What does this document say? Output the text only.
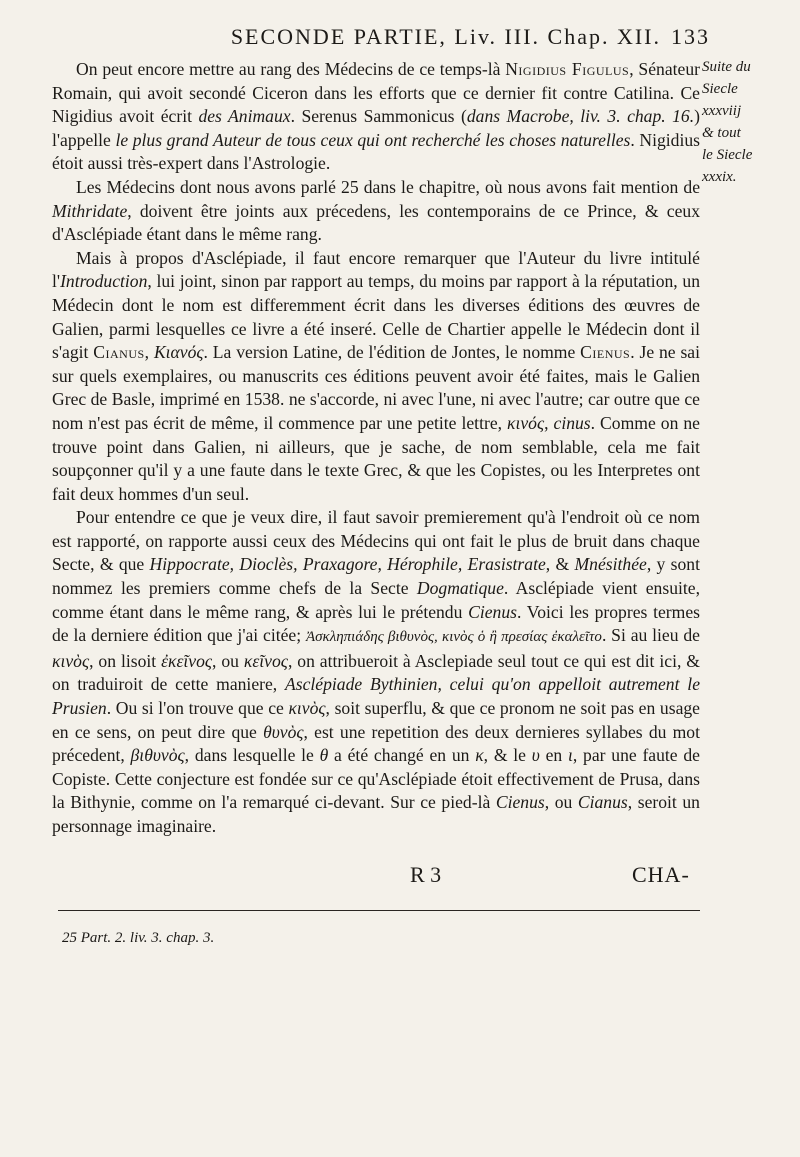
SECONDE PARTIE, Liv. III. Chap. XII. 133
Suite du
Siecle
xxxviij
& tout
le Siecle
xxxix.

On peut encore mettre au rang des Médecins de ce temps-là Nigidius Figulus, Sénateur Romain, qui avoit secondé Ciceron dans les efforts que ce dernier fit contre Catilina. Ce Nigidius avoit écrit des Animaux. Serenus Sammonicus (dans Macrobe, liv. 3. chap. 16.) l'appelle le plus grand Auteur de tous ceux qui ont recherché les choses naturelles. Nigidius étoit aussi très-expert dans l'Astrologie.

Les Médecins dont nous avons parlé 25 dans le chapitre, où nous avons fait mention de Mithridate, doivent être joints aux précedens, les contemporains de ce Prince, & ceux d'Asclépiade étant dans le même rang.

Mais à propos d'Asclépiade, il faut encore remarquer que l'Auteur du livre intitulé l'Introduction, lui joint, sinon par rapport au temps, du moins par rapport à la réputation, un Médecin dont le nom est differemment écrit dans les diverses éditions des œuvres de Galien, parmi lesquelles ce livre a été inseré. Celle de Chartier appelle le Médecin dont il s'agit Cianus, Κιανός. La version Latine, de l'édition de Jontes, le nomme Cienus. Je ne sai sur quels exemplaires, ou manuscrits ces éditions peuvent avoir été faites, mais le Galien Grec de Basle, imprimé en 1538. ne s'accorde, ni avec l'une, ni avec l'autre; car outre que ce nom n'est pas écrit de même, il commence par une petite lettre, κινός, cinus. Comme on ne trouve point dans Galien, ni ailleurs, que je sache, de nom semblable, cela me fait soupçonner qu'il y a une faute dans le texte Grec, & que les Copistes, ou les Interpretes ont fait deux hommes d'un seul.

Pour entendre ce que je veux dire, il faut savoir premierement qu'à l'endroit où ce nom est rapporté, on rapporte aussi ceux des Médecins qui ont fait le plus de bruit dans chaque Secte, & que Hippocrate, Dioclès, Praxagore, Hérophile, Erasistrate, & Mnésithée, y sont nommez les premiers comme chefs de la Secte Dogmatique. Asclépiade vient ensuite, comme étant dans le même rang, & après lui le prétendu Cienus. Voici les propres termes de la derniere édition que j'ai citée; Ἀσκληπιάδης βιθυνὸς, κινὸς ὁ ἢ πρεσίας ἐκαλεῖτο. Si au lieu de κινὸς, on lisoit ἐκεῖνος, ou κεῖνος, on attribueroit à Asclepiade seul tout ce qui est dit ici, & on traduiroit de cette maniere, Asclépiade Bythinien, celui qu'on appelloit autrement le Prusien. Ou si l'on trouve que ce κινὸς, soit superflu, & que ce pronom ne soit pas en usage en ce sens, on peut dire que θυνὸς, est une repetition des deux dernieres syllabes du mot précedent, βιθυνὸς, dans lesquelle le θ a été changé en un κ, & le υ en ι, par une faute de Copiste. Cette conjecture est fondée sur ce qu'Asclépiade étoit effectivement de Prusa, dans la Bithynie, comme on l'a remarqué ci-devant. Sur ce pied-là Cienus, ou Cianus, seroit un personnage imaginaire.

R 3	CHA-
25 Part. 2. liv. 3. chap. 3.
